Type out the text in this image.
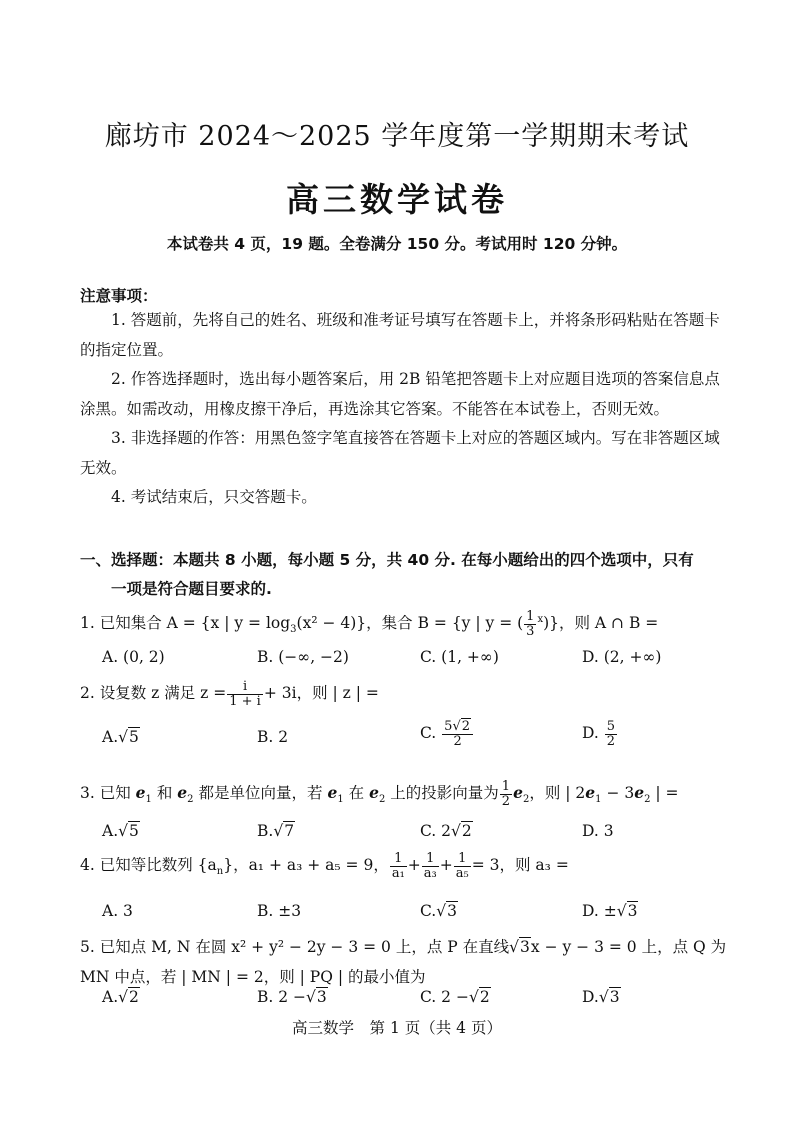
廊坊市 2024～2025 学年度第一学期期末考试
高三数学试卷
本试卷共 4 页，19 题。全卷满分 150 分。考试用时 120 分钟。
注意事项：

1. 答题前，先将自己的姓名、班级和准考证号填写在答题卡上，并将条形码粘贴在答题卡的指定位置。

2. 作答选择题时，选出每小题答案后，用 2B 铅笔把答题卡上对应题目选项的答案信息点涂黑。如需改动，用橡皮擦干净后，再选涂其它答案。不能答在本试卷上，否则无效。

3. 非选择题的作答：用黑色签字笔直接答在答题卡上对应的答题区域内。写在非答题区域无效。

4. 考试结束后，只交答题卡。

一、选择题：本题共 8 小题，每小题 5 分，共 40 分. 在每小题给出的四个选项中，只有
一项是符合题目要求的.
1. 已知集合 A = {x | $y = \log_3(x^2 - 4)$}，集合 B = {y | y = ( $\frac{1}{3} ^x$)}，则 A ∩ B =
A. (0, 2)	B. (−∞, −2)	C. (1, +∞)	D. (2, +∞)
2. 设复数 z 满足 $z = \frac{i}{1 + i} + 3i$，则 | z | =
A.√5	B. 2	C. $\frac{5√2}{2}$	D. $\frac{5}{2}$
3. 已知 $e_1$ 和 $e_2$ 都是单位向量，若 $e_1$ 在 $e_2$ 上的投影向量为 $\frac{1}{2} e_2$，则 | $2e_1 - 3e_2$ | =
A.√5	B.√7	C. 2√2	D. 3
4. 已知等比数列 $\{a_n\}$，a₁ + a₃ + a₅ = 9， $\frac{1}{\text{a₁}} + \frac{1}{\text{a₃}} + \frac{1}{\text{a₅}} = 3$，则 a₃ =
A. 3	B. ±3	C.√3	D. ±√3
5. 已知点 M, N 在圆 x² + y² − 2y − 3 = 0 上，点 P 在直线√3x − y − 3 = 0 上，点 Q 为
MN 中点，若 | MN | = 2，则 | PQ | 的最小值为
A.√2	B. 2 −√3	C. 2 −√2	D.√3
高三数学　第 1 页（共 4 页）
